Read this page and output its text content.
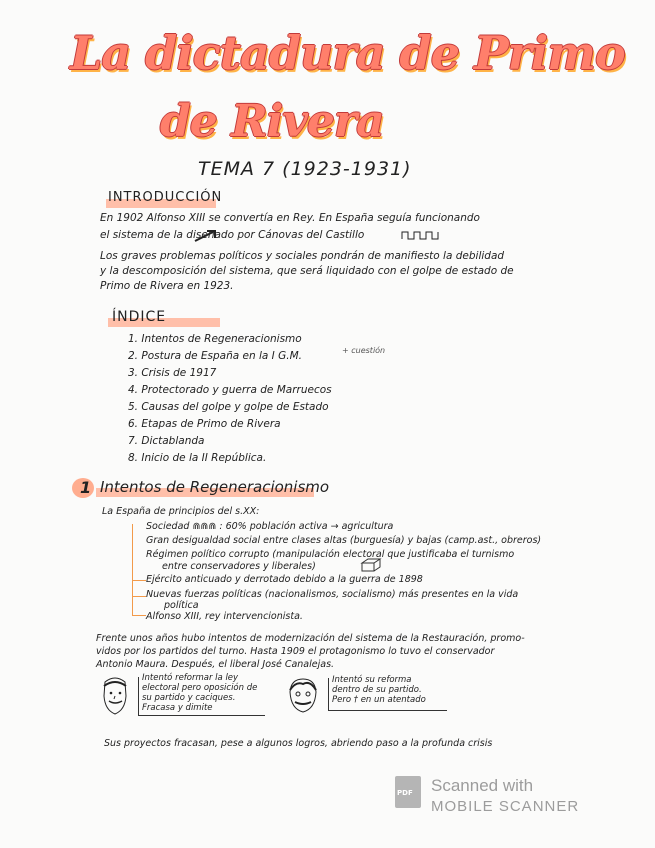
La dictadura de Primo
de Rivera
TEMA 7 (1923-1931)
INTRODUCCIÓN
En 1902 Alfonso XIII se convertía en Rey. En España seguía funcionando
el sistema de la diseñado por Cánovas del Castillo
Los graves problemas políticos y sociales pondrán de manifiesto la debilidad
y la descomposición del sistema, que será liquidado con el golpe de estado de
Primo de Rivera en 1923.
ÍNDICE
1. Intentos de Regeneracionismo
2. Postura de España en la I G.M.	+ cuestión
3. Crisis de 1917
4. Protectorado y guerra de Marruecos
5. Causas del golpe y golpe de Estado
6. Etapas de Primo de Rivera
7. Dictablanda
8. Inicio de la II República.
1 Intentos de Regeneracionismo
La España de principios del s.XX:
Sociedad ⋒⋒⋒ : 60% población activa → agricultura
Gran desigualdad social entre clases altas (burguesía) y bajas (camp.ast., obreros)
Régimen político corrupto (manipulación electoral que justificaba el turnismo
entre conservadores y liberales)
Ejército anticuado y derrotado debido a la guerra de 1898
Nuevas fuerzas políticas (nacionalismos, socialismo) más presentes en la vida
política
Alfonso XIII, rey intervencionista.
Frente unos años hubo intentos de modernización del sistema de la Restauración, promo-
vidos por los partidos del turno. Hasta 1909 el protagonismo lo tuvo el conservador
Antonio Maura. Después, el liberal José Canalejas.
Intentó reformar la ley
electoral pero oposición de
su partido y caciques.
Fracasa y dimite
Intentó su reforma
dentro de su partido.
Pero † en un atentado
Sus proyectos fracasan, pese a algunos logros, abriendo paso a la profunda crisis
PDF Scanned with
MOBILE SCANNER
